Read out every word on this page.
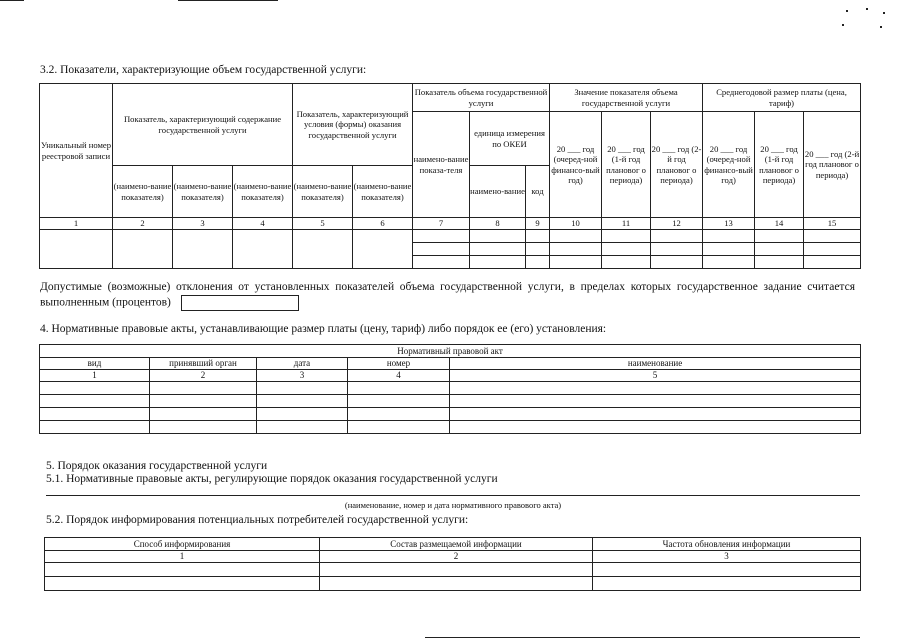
3.2. Показатели, характеризующие объем государственной услуги:
Уникальный номер реестровой записи	Показатель, характеризующий содержание государственной услуги			Показатель, характеризующий условия (формы) оказания государственной услуги		Показатель объема государственной услуги			Значение показателя объема государственной услуги			Среднегодовой размер платы (цена, тариф)		
						наимено-вание показа-теля	единица измерения по ОКЕИ		20 ___ год (очеред-ной финансо-вый год)	20 ___ год (1-й год плановог о периода)	20 ___ год (2-й год плановог о периода)	20 ___ год (очеред-ной финансо-вый год)	20 ___ год (1-й год плановог о периода)	20 ___ год (2-й год плановог о периода)
	(наимено-вание показателя)	(наимено-вание показателя)	(наимено-вание показателя)	(наимено-вание показателя)	(наимено-вание показателя)		наимено-вание	код						
1	2	3	4	5	6	7	8	9	10	11	12	13	14	15

Допустимые (возможные) отклонения от установленных показателей объема государственной услуги, в пределах которых государственное задание считается выполненным (процентов)
4. Нормативные правовые акты, устанавливающие размер платы (цену, тариф) либо порядок ее (его) установления:
Нормативный правовой акт				
вид	принявший орган	дата	номер	наименование
1	2	3	4	5

5. Порядок оказания государственной услуги
5.1. Нормативные правовые акты, регулирующие порядок оказания государственной услуги
(наименование, номер и дата нормативного правового акта)
5.2. Порядок информирования потенциальных потребителей государственной услуги:
Способ информирования	Состав размещаемой информации	Частота обновления информации
1	2	3
